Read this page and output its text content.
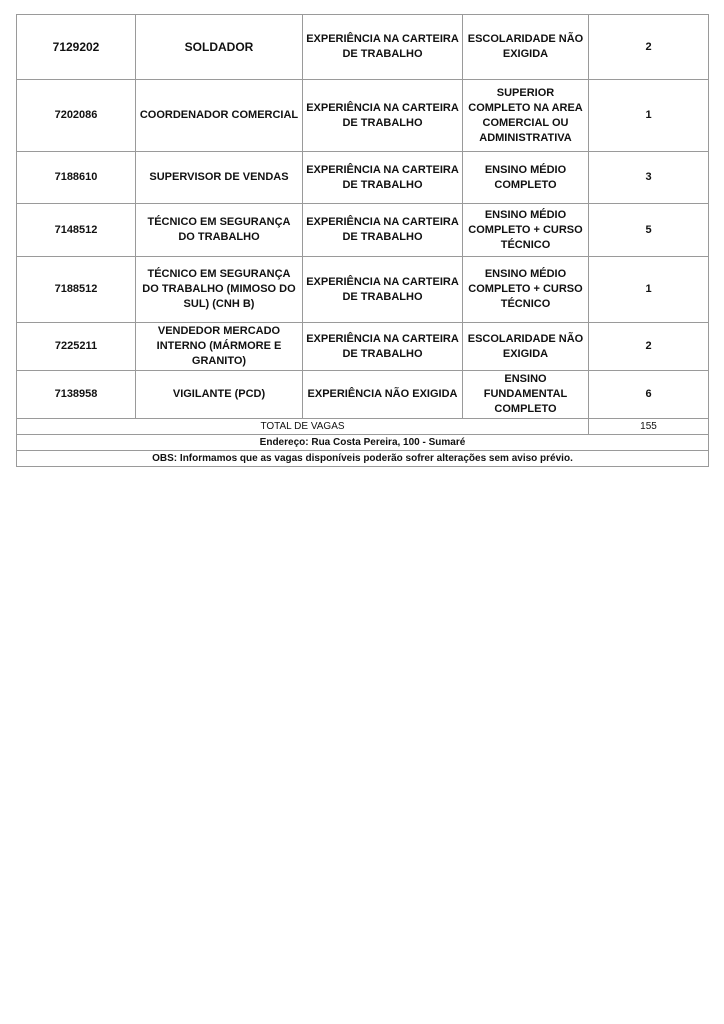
7129202	SOLDADOR	EXPERIÊNCIA NA CARTEIRA DE TRABALHO	ESCOLARIDADE NÃO EXIGIDA	2
7202086	COORDENADOR COMERCIAL	EXPERIÊNCIA NA CARTEIRA DE TRABALHO	SUPERIOR COMPLETO NA AREA COMERCIAL OU ADMINISTRATIVA	1
7188610	SUPERVISOR DE VENDAS	EXPERIÊNCIA NA CARTEIRA DE TRABALHO	ENSINO MÉDIO COMPLETO	3
7148512	TÉCNICO EM SEGURANÇA DO TRABALHO	EXPERIÊNCIA NA CARTEIRA DE TRABALHO	ENSINO MÉDIO COMPLETO + CURSO TÉCNICO	5
7188512	TÉCNICO EM SEGURANÇA DO TRABALHO (MIMOSO DO SUL) (CNH B)	EXPERIÊNCIA NA CARTEIRA DE TRABALHO	ENSINO MÉDIO COMPLETO + CURSO TÉCNICO	1
7225211	VENDEDOR MERCADO INTERNO (MÁRMORE E GRANITO)	EXPERIÊNCIA NA CARTEIRA DE TRABALHO	ESCOLARIDADE NÃO EXIGIDA	2
7138958	VIGILANTE (PCD)	EXPERIÊNCIA NÃO EXIGIDA	ENSINO FUNDAMENTAL COMPLETO	6
TOTAL DE VAGAS				155
Endereço: Rua Costa Pereira, 100 - Sumaré				
OBS: Informamos que as vagas disponíveis poderão sofrer alterações sem aviso prévio.				
